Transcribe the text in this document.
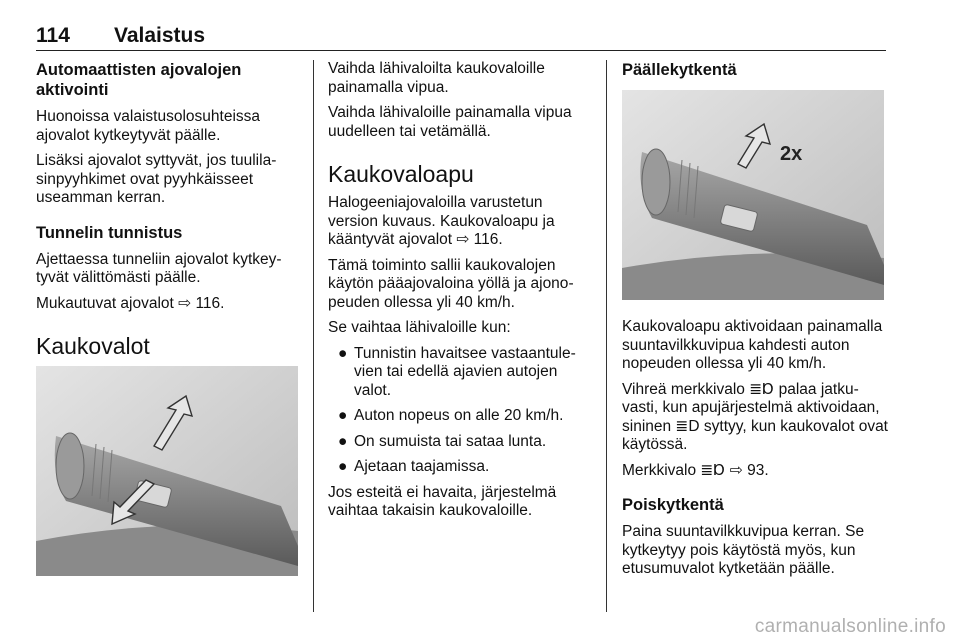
114 Valaistus
Automaattisten ajovalojen aktivointi

Huonoissa valaistusolosuhteissa ajovalot kytkeytyvät päälle.

Lisäksi ajovalot syttyvät, jos tuulilasinpyyhkimet ovat pyyhkäisseet useamman kerran.

Tunnelin tunnistus

Ajettaessa tunneliin ajovalot kytkeytyvät välittömästi päälle.

Mukautuvat ajovalot ⇨ 116.

Kaukovalot

Vaihda lähivaloilta kaukovaloille painamalla vipua.

Vaihda lähivaloille painamalla vipua uudelleen tai vetämällä.

Kaukovaloapu

Halogeeniajovaloilla varustetun version kuvaus. Kaukovaloapu ja kääntyvät ajovalot ⇨ 116.

Tämä toiminto sallii kaukovalojen käytön pääajovaloina yöllä ja ajonopeuden ollessa yli 40 km/h.

Se vaihtaa lähivaloille kun:

● Tunnistin havaitsee vastaantulevien tai edellä ajavien autojen valot.
● Auton nopeus on alle 20 km/h.
● On sumuista tai sataa lunta.
● Ajetaan taajamissa.

Jos esteitä ei havaita, järjestelmä vaihtaa takaisin kaukovaloille.

Päällekytkentä
2x

Kaukovaloapu aktivoidaan painamalla suuntavilkkuvipua kahdesti auton nopeuden ollessa yli 40 km/h.

Vihreä merkkivalo ≣Ɒ palaa jatkuvasti, kun apujärjestelmä aktivoidaan, sininen ≣D syttyy, kun kaukovalot ovat käytössä.

Merkkivalo ≣Ɒ ⇨ 93.

Poiskytkentä

Paina suuntavilkkuvipua kerran. Se kytkeytyy pois käytöstä myös, kun etusumuvalot kytketään päälle.

carmanualsonline.info
